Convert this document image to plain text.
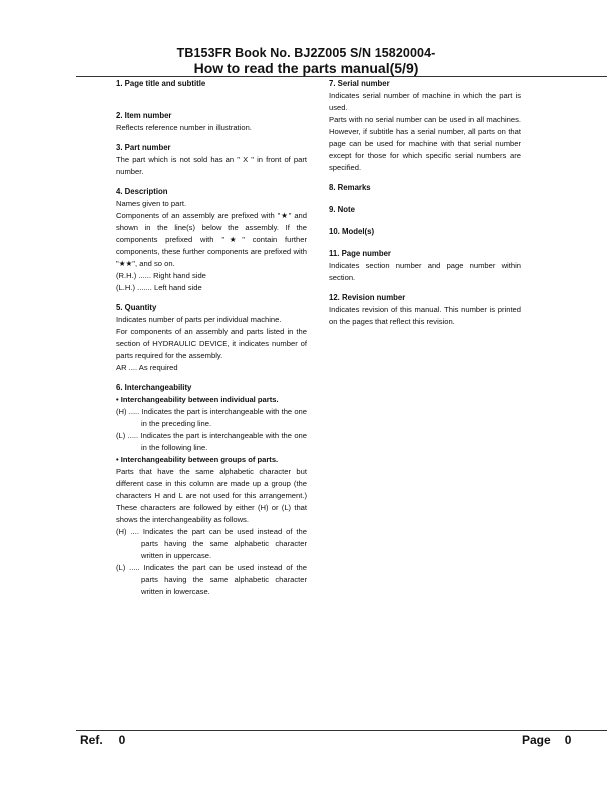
TB153FR Book No. BJ2Z005 S/N 15820004-
How to read the parts manual(5/9)
1. Page title and subtitle
2. Item number
Reflects reference number in illustration.
3. Part number
The part which is not sold has an " X " in front of part number.
4. Description
Names given to part.
Components of an assembly are prefixed with "★" and shown in the line(s) below the assembly. If the components prefixed with "★" contain further components, these further components are prefixed with "★★", and so on.
(R.H.) ...... Right hand side
(L.H.) ....... Left hand side
5. Quantity
Indicates number of parts per individual machine.
For components of an assembly and parts listed in the section of HYDRAULIC DEVICE, it indicates number of parts required for the assembly.
AR .... As required
6. Interchangeability
• Interchangeability between individual parts.
(H) ..... Indicates the part is interchangeable with the one in the preceding line.
(L) ..... Indicates the part is interchangeable with the one in the following line.
• Interchangeability between groups of parts.
Parts that have the same alphabetic character but different case in this column are made up a group (the characters H and L are not used for this arrangement.) These characters are followed by either (H) or (L) that shows the interchangeability as follows.
(H) .... Indicates the part can be used instead of the parts having the same alphabetic character written in uppercase.
(L) ..... Indicates the part can be used instead of the parts having the same alphabetic character written in lowercase.
7. Serial number
Indicates serial number of machine in which the part is used.
Parts with no serial number can be used in all machines. However, if subtitle has a serial number, all parts on that page can be used for machine with that serial number except for those for which specific serial numbers are specified.
8. Remarks
9. Note
10. Model(s)
11. Page number
Indicates section number and page number within section.
12. Revision number
Indicates revision of this manual. This number is printed on the pages that reflect this revision.
Ref. 0	Page 0
